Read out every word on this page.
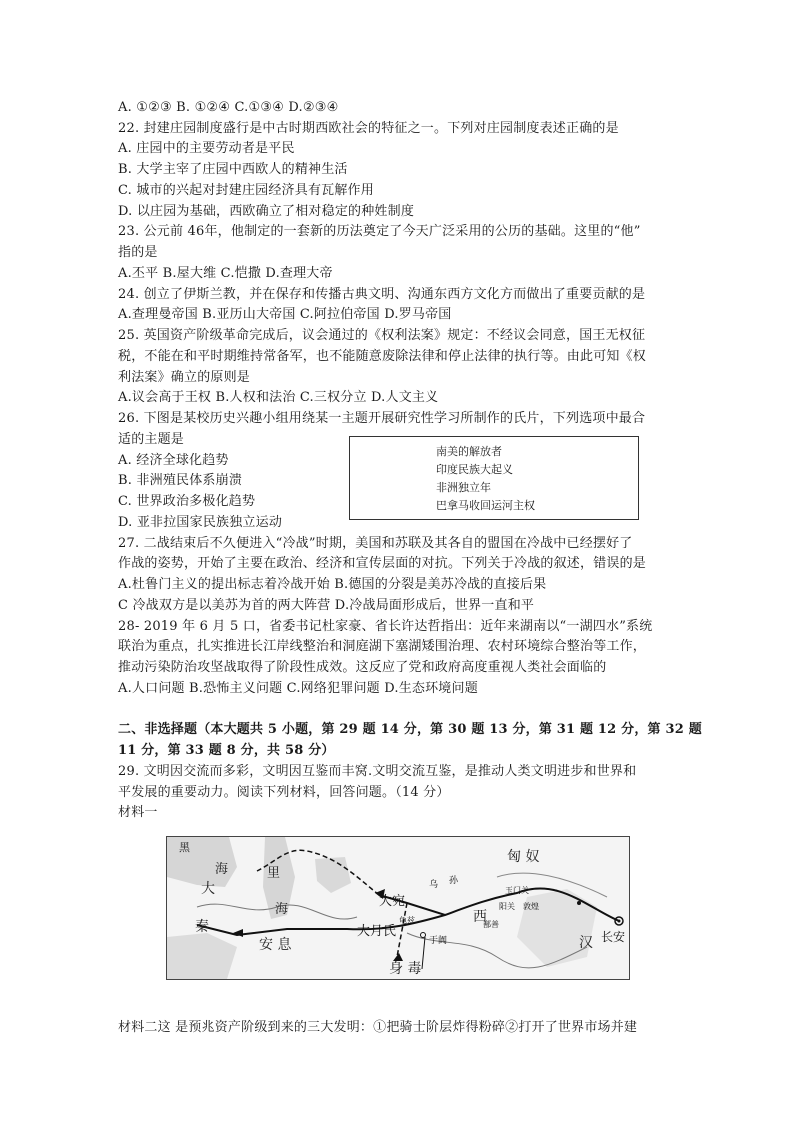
A. ①②③ B. ①②④ C.①③④ D.②③④
22. 封建庄园制度盛行是中古时期西欧社会的特征之一。下列对庄园制度表述正确的是
A. 庄园中的主要劳动者是平民
B. 大学主宰了庄园中西欧人的精神生活
C. 城市的兴起对封建庄园经济具有瓦解作用
D. 以庄园为基础，西欧确立了相对稳定的种姓制度
23. 公元前 46年，他制定的一套新的历法奠定了今天广泛采用的公历的基础。这里的“他”
指的是
A.丕平 B.屋大维 C.恺撒 D.查理大帝
24. 创立了伊斯兰教，并在保存和传播古典文明、沟通东西方文化方而做出了重要贡献的是
A.查理曼帝国 B.亚历山大帝国 C.阿拉伯帝国 D.罗马帝国
25. 英国资产阶级革命完成后，议会通过的《权利法案》规定：不经议会同意，国王无权征
税，不能在和平时期维持常备军，也不能随意废除法律和停止法律的执行等。由此可知《权
利法案》确立的原则是
A.议会高于王权 B.人权和法治 C.三权分立 D.人文主义
26. 下图是某校历史兴趣小组用绕某一主题开展研究性学习所制作的氏片，下列选项中最合
适的主题是
A. 经济全球化趋势
B. 非洲殖民体系崩溃
C. 世界政治多极化趋势
D. 亚非拉国家民族独立运动
南美的解放者
印度民族大起义
非洲独立年
巴拿马收回运河主权
27. 二战结束后不久便进入“冷战”时期，美国和苏联及其各自的盟国在冷战中已经摆好了
作战的姿势，开始了主要在政治、经济和宣传层面的对抗。下列关于冷战的叙述，错误的是
A.杜鲁门主义的提出标志着冷战开始 B.德国的分裂是美苏冷战的直接后果
C 冷战双方是以美苏为首的两大阵营 D.冷战局面形成后，世界一直和平
28- 2019 年 6 月 5 口，省委书记杜家豪、省长许达哲指出：近年来湖南以“一湖四水”系统
联治为重点，扎实推进长江岸线整治和洞庭湖下塞湖矮围治理、农村环境综合整治等工作，
推动污染防治攻坚战取得了阶段性成效。这反应了党和政府高度重视人类社会面临的
A.人口问题 B.恐怖主义问题 C.网络犯罪问题 D.生态环境问题
二、非选择题（本大题共 5 小题，第 29 题 14 分，第 30 题 13 分，第 31 题 12 分，第 32 题
11 分，第 33 题 8 分，共 58 分）
29. 文明因交流而多彩，文明因互鉴而丰窝.文明交流互鉴，是推动人类文明进步和世界和
平发展的重要动力。阅读下列材料，回答问题。（14 分）
材料一
黑
海	里
海
大
秦
安 息
大宛
大月氏
匈 奴
西
汉 长安
身 毒
于阗
乌 孙
玉门关
阳关 敦煌
鄯善
龟兹
材料二这 是预兆资产阶级到来的三大发明：①把骑士阶层炸得粉碎②打开了世界市场并建
